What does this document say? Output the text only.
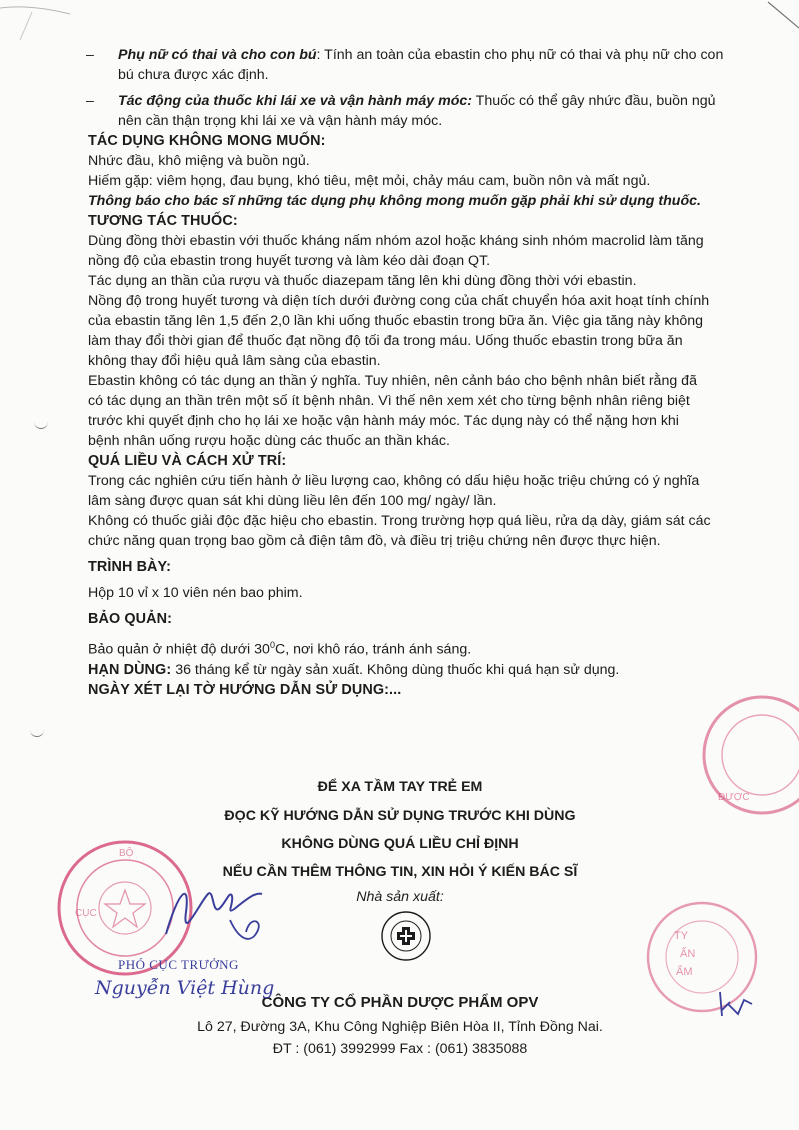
– Phụ nữ có thai và cho con bú: Tính an toàn của ebastin cho phụ nữ có thai và phụ nữ cho con

bú chưa được xác định.

– Tác động của thuốc khi lái xe và vận hành máy móc: Thuốc có thể gây nhức đầu, buồn ngủ

nên cần thận trọng khi lái xe và vận hành máy móc.

TÁC DỤNG KHÔNG MONG MUỐN:

Nhức đầu, khô miệng và buồn ngủ.

Hiếm gặp: viêm họng, đau bụng, khó tiêu, mệt mỏi, chảy máu cam, buồn nôn và mất ngủ.

Thông báo cho bác sĩ những tác dụng phụ không mong muốn gặp phải khi sử dụng thuốc.

TƯƠNG TÁC THUỐC:

Dùng đồng thời ebastin với thuốc kháng nấm nhóm azol hoặc kháng sinh nhóm macrolid làm tăng

nồng độ của ebastin trong huyết tương và làm kéo dài đoạn QT.

Tác dụng an thần của rượu và thuốc diazepam tăng lên khi dùng đồng thời với ebastin.

Nồng độ trong huyết tương và diện tích dưới đường cong của chất chuyển hóa axit hoạt tính chính

của ebastin tăng lên 1,5 đến 2,0 lần khi uống thuốc ebastin trong bữa ăn. Việc gia tăng này không

làm thay đổi thời gian để thuốc đạt nồng độ tối đa trong máu. Uống thuốc ebastin trong bữa ăn

không thay đổi hiệu quả lâm sàng của ebastin.

Ebastin không có tác dụng an thần ý nghĩa. Tuy nhiên, nên cảnh báo cho bệnh nhân biết rằng đã

có tác dụng an thần trên một số ít bệnh nhân. Vì thế nên xem xét cho từng bệnh nhân riêng biệt

trước khi quyết định cho họ lái xe hoặc vận hành máy móc. Tác dụng này có thể nặng hơn khi

bệnh nhân uống rượu hoặc dùng các thuốc an thần khác.

QUÁ LIỀU VÀ CÁCH XỬ TRÍ:

Trong các nghiên cứu tiến hành ở liều lượng cao, không có dấu hiệu hoặc triệu chứng có ý nghĩa

lâm sàng được quan sát khi dùng liều lên đến 100 mg/ ngày/ lần.

Không có thuốc giải độc đặc hiệu cho ebastin. Trong trường hợp quá liều, rửa dạ dày, giám sát các

chức năng quan trọng bao gồm cả điện tâm đồ, và điều trị triệu chứng nên được thực hiện.

TRÌNH BÀY:

Hộp 10 vỉ x 10 viên nén bao phim.

BẢO QUẢN:

Bảo quản ở nhiệt độ dưới $30^0C$, nơi khô ráo, tránh ánh sáng.

HẠN DÙNG: 36 tháng kể từ ngày sản xuất. Không dùng thuốc khi quá hạn sử dụng.

NGÀY XÉT LẠI TỜ HƯỚNG DẪN SỬ DỤNG:...

ĐỂ XA TẦM TAY TRẺ EM
ĐỌC KỸ HƯỚNG DẪN SỬ DỤNG TRƯỚC KHI DÙNG
KHÔNG DÙNG QUÁ LIỀU CHỈ ĐỊNH
NẾU CẦN THÊM THÔNG TIN, XIN HỎI Ý KIẾN BÁC SĨ
Nhà sản xuất:
CÔNG TY CỔ PHẦN DƯỢC PHẨM OPV
Lô 27, Đường 3A, Khu Công Nghiệp Biên Hòa II, Tỉnh Đồng Nai.
ĐT : (061) 3992999 Fax : (061) 3835088
CỤC
BỘ
PHÓ CỤC TRƯỞNG
Nguyễn Việt Hùng
ĐƯỢC
TY
ẤN
ẨM
